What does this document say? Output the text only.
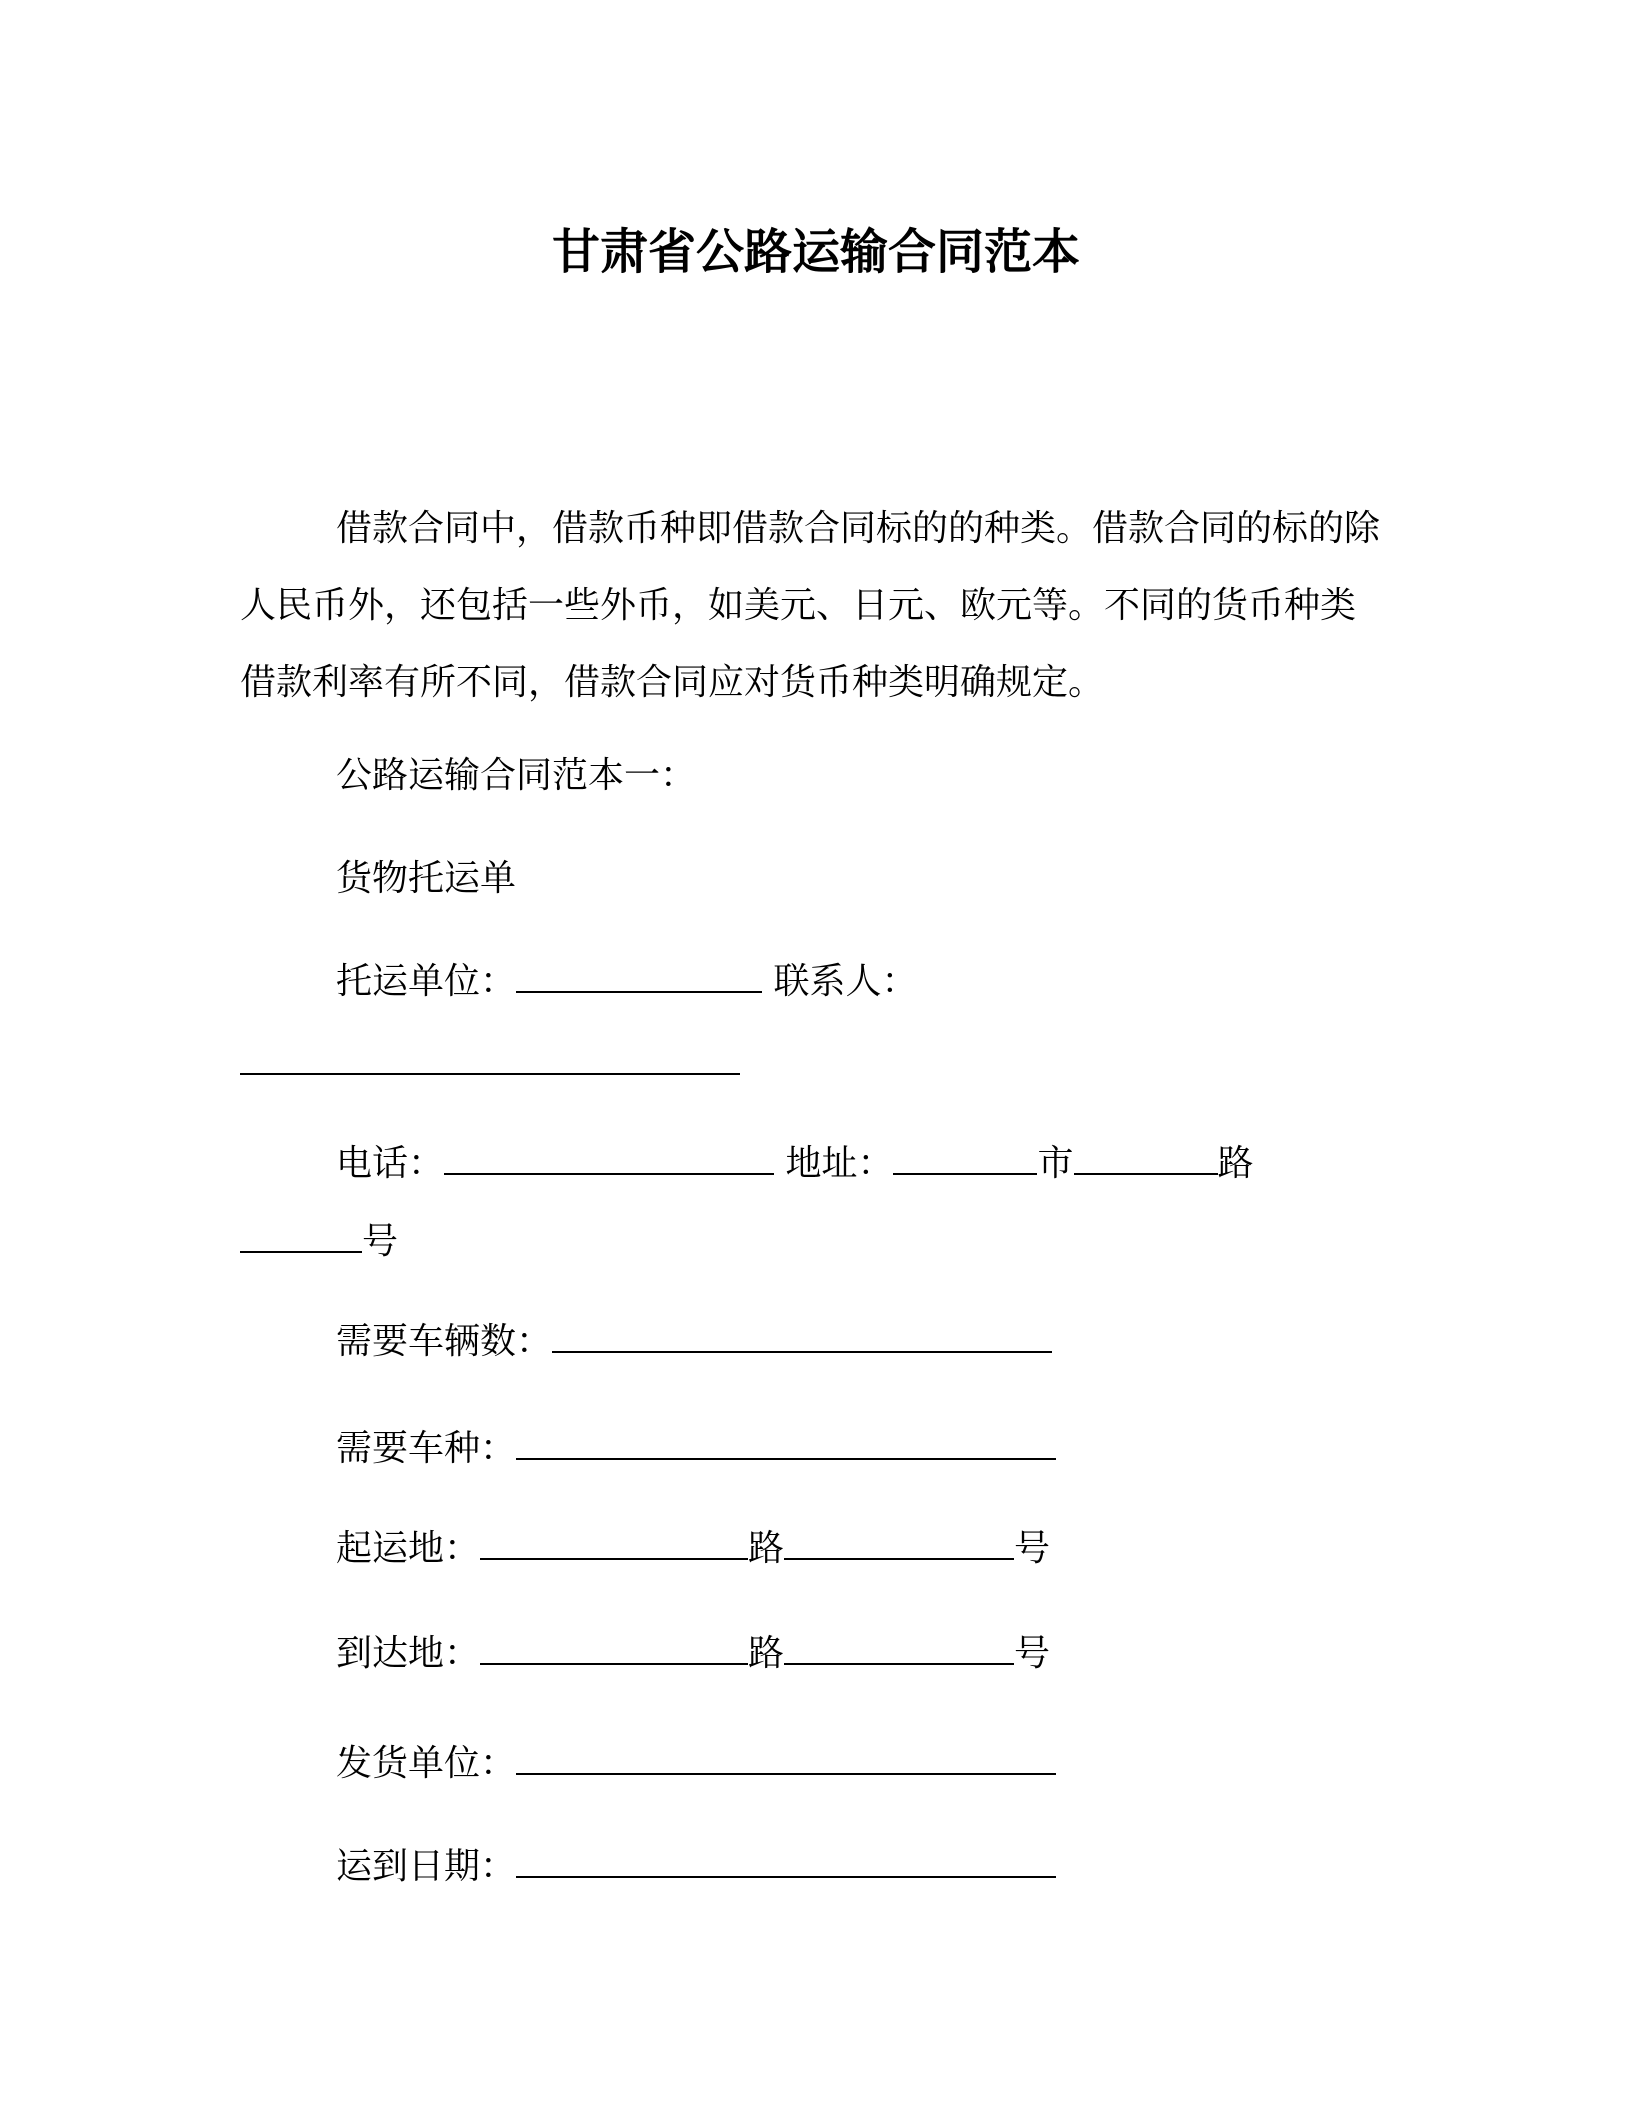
甘肃省公路运输合同范本

借款合同中，借款币种即借款合同标的的种类。借款合同的标的除人民币外，还包括一些外币，如美元、日元、欧元等。不同的货币种类借款利率有所不同，借款合同应对货币种类明确规定。

公路运输合同范本一：
货物托运单
托运单位：	联系人：
电话：	地址：	市	路
号
需要车辆数：
需要车种：
起运地：	路	号
到达地：	路	号
发货单位：
运到日期：
